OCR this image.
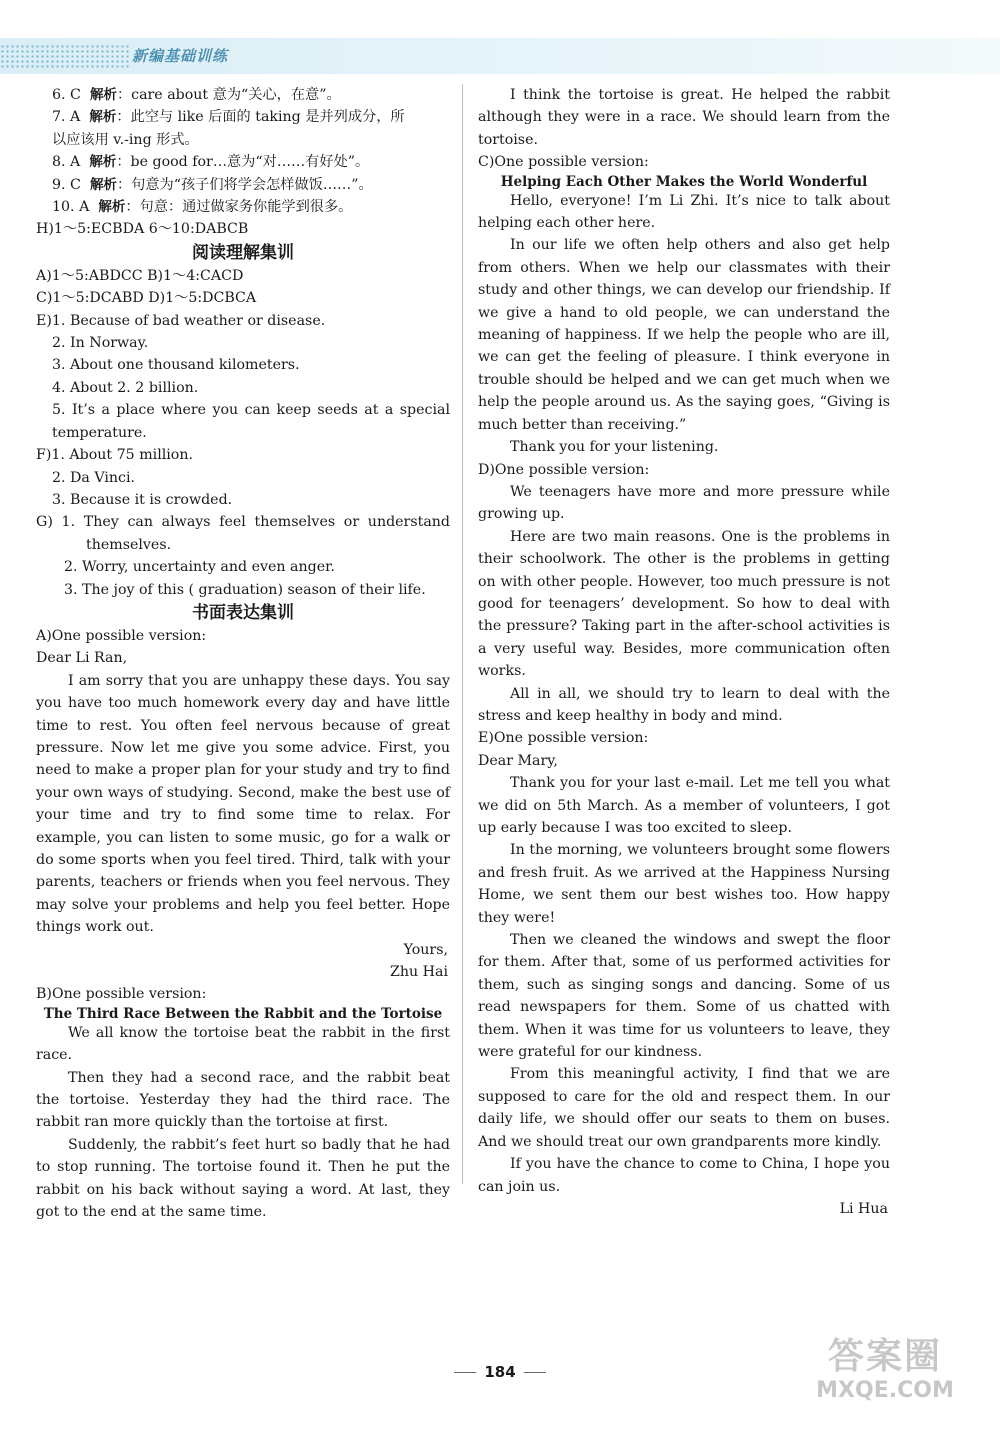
新编基础训练

6. C 解析：care about 意为“关心，在意”。

7. A 解析：此空与 like 后面的 taking 是并列成分，所

以应该用 v.-ing 形式。

8. A 解析：be good for…意为“对……有好处”。

9. C 解析：句意为“孩子们将学会怎样做饭……”。

10. A 解析：句意：通过做家务你能学到很多。

H)1～5:ECBDA 6～10:DABCB

阅读理解集训

A)1～5:ABDCC B)1～4:CACD

C)1～5:DCABD D)1～5:DCBCA

E)1. Because of bad weather or disease.

2. In Norway.

3. About one thousand kilometers.

4. About 2. 2 billion.

5. It’s a place where you can keep seeds at a special temperature.

F)1. About 75 million.

2. Da Vinci.

3. Because it is crowded.

G) 1. They can always feel themselves or understand themselves.

2. Worry, uncertainty and even anger.

3. The joy of this ( graduation) season of their life.

书面表达集训

A)One possible version:

Dear Li Ran,

I am sorry that you are unhappy these days. You say you have too much homework every day and have little time to rest. You often feel nervous because of great pressure. Now let me give you some advice. First, you need to make a proper plan for your study and try to find your own ways of studying. Second, make the best use of your time and try to find some time to relax. For example, you can listen to some music, go for a walk or do some sports when you feel tired. Third, talk with your parents, teachers or friends when you feel nervous. They may solve your problems and help you feel better. Hope things work out.

Yours,

Zhu Hai

B)One possible version:

The Third Race Between the Rabbit and the Tortoise

We all know the tortoise beat the rabbit in the first race.

Then they had a second race, and the rabbit beat the tortoise. Yesterday they had the third race. The rabbit ran more quickly than the tortoise at first.

Suddenly, the rabbit’s feet hurt so badly that he had to stop running. The tortoise found it. Then he put the rabbit on his back without saying a word. At last, they got to the end at the same time.

I think the tortoise is great. He helped the rabbit although they were in a race. We should learn from the tortoise.

C)One possible version:

Helping Each Other Makes the World Wonderful

Hello, everyone! I’m Li Zhi. It’s nice to talk about helping each other here.

In our life we often help others and also get help from others. When we help our classmates with their study and other things, we can develop our friendship. If we give a hand to old people, we can understand the meaning of happiness. If we help the people who are ill, we can get the feeling of pleasure. I think everyone in trouble should be helped and we can get much when we help the people around us. As the saying goes, “Giving is much better than receiving.”

Thank you for your listening.

D)One possible version:

We teenagers have more and more pressure while growing up.

Here are two main reasons. One is the problems in their schoolwork. The other is the problems in getting on with other people. However, too much pressure is not good for teenagers’ development. So how to deal with the pressure? Taking part in the after-school activities is a very useful way. Besides, more communication often works.

All in all, we should try to learn to deal with the stress and keep healthy in body and mind.

E)One possible version:

Dear Mary,

Thank you for your last e-mail. Let me tell you what we did on 5th March. As a member of volunteers, I got up early because I was too excited to sleep.

In the morning, we volunteers brought some flowers and fresh fruit. As we arrived at the Happiness Nursing Home, we sent them our best wishes too. How happy they were!

Then we cleaned the windows and swept the floor for them. After that, some of us performed activities for them, such as singing songs and dancing. Some of us read newspapers for them. Some of us chatted with them. When it was time for us volunteers to leave, they were grateful for our kindness.

From this meaningful activity, I find that we are supposed to care for the old and respect them. In our daily life, we should offer our seats to them on buses. And we should treat our own grandparents more kindly.

If you have the chance to come to China, I hope you can join us.

Li Hua

184	答案圈
MXQE.COM
